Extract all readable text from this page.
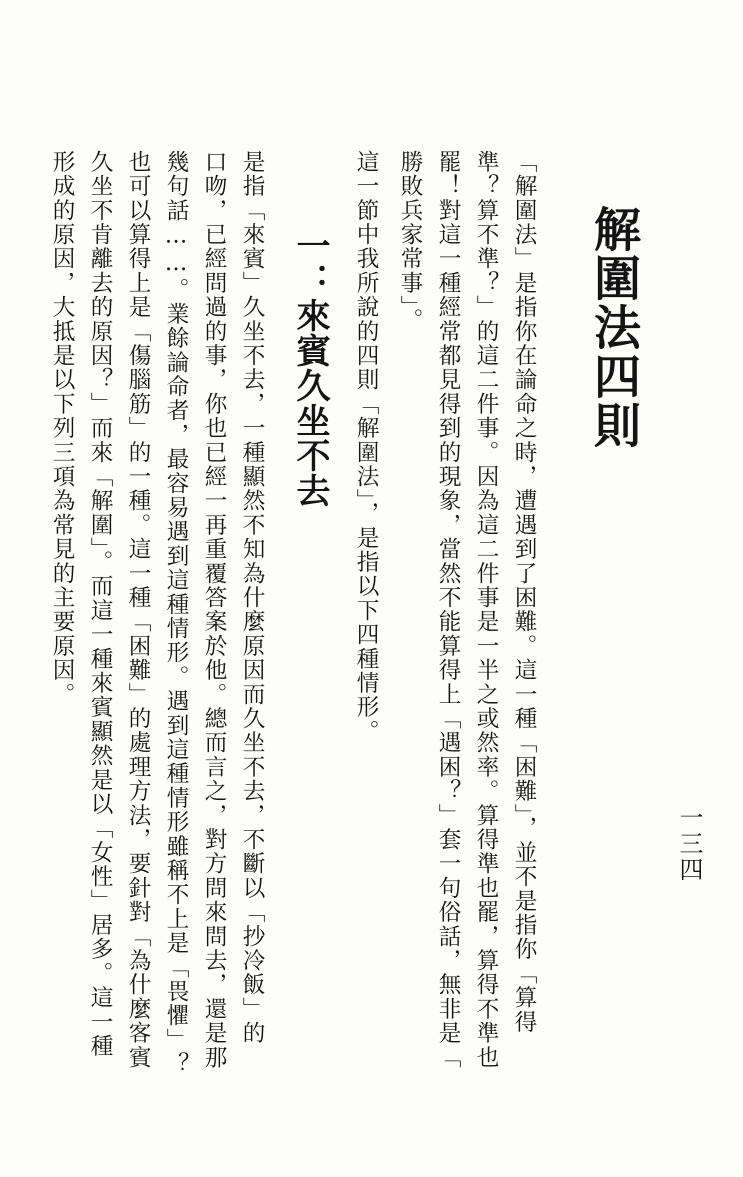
解圍法四則

「解圍法」是指你在論命之時，遭遇到了困難。這一種「困難」，並不是指你「算得

準？算不準？」的這二件事。因為這二件事是一半之或然率。算得準也罷，算得不準也

罷！對這一種經常都見得到的現象，當然不能算得上「遇困？」套一句俗話，無非是「

勝敗兵家常事」。

這一節中我所說的四則「解圍法」，是指以下四種情形。

一：來賓久坐不去

是指「來賓」久坐不去，一種顯然不知為什麼原因而久坐不去，不斷以「抄冷飯」的

口吻，已經問過的事，你也已經一再重覆答案於他。總而言之，對方問來問去，還是那

幾句話……。業餘論命者，最容易遇到這種情形。遇到這種情形雖稱不上是「畏懼」？

也可以算得上是「傷腦筋」的一種。這一種「困難」的處理方法，要針對「為什麼客賓

久坐不肯離去的原因？」而來「解圍」。而這一種來賓顯然是以「女性」居多。這一種

形成的原因，大抵是以下列三項為常見的主要原因。

一三四
